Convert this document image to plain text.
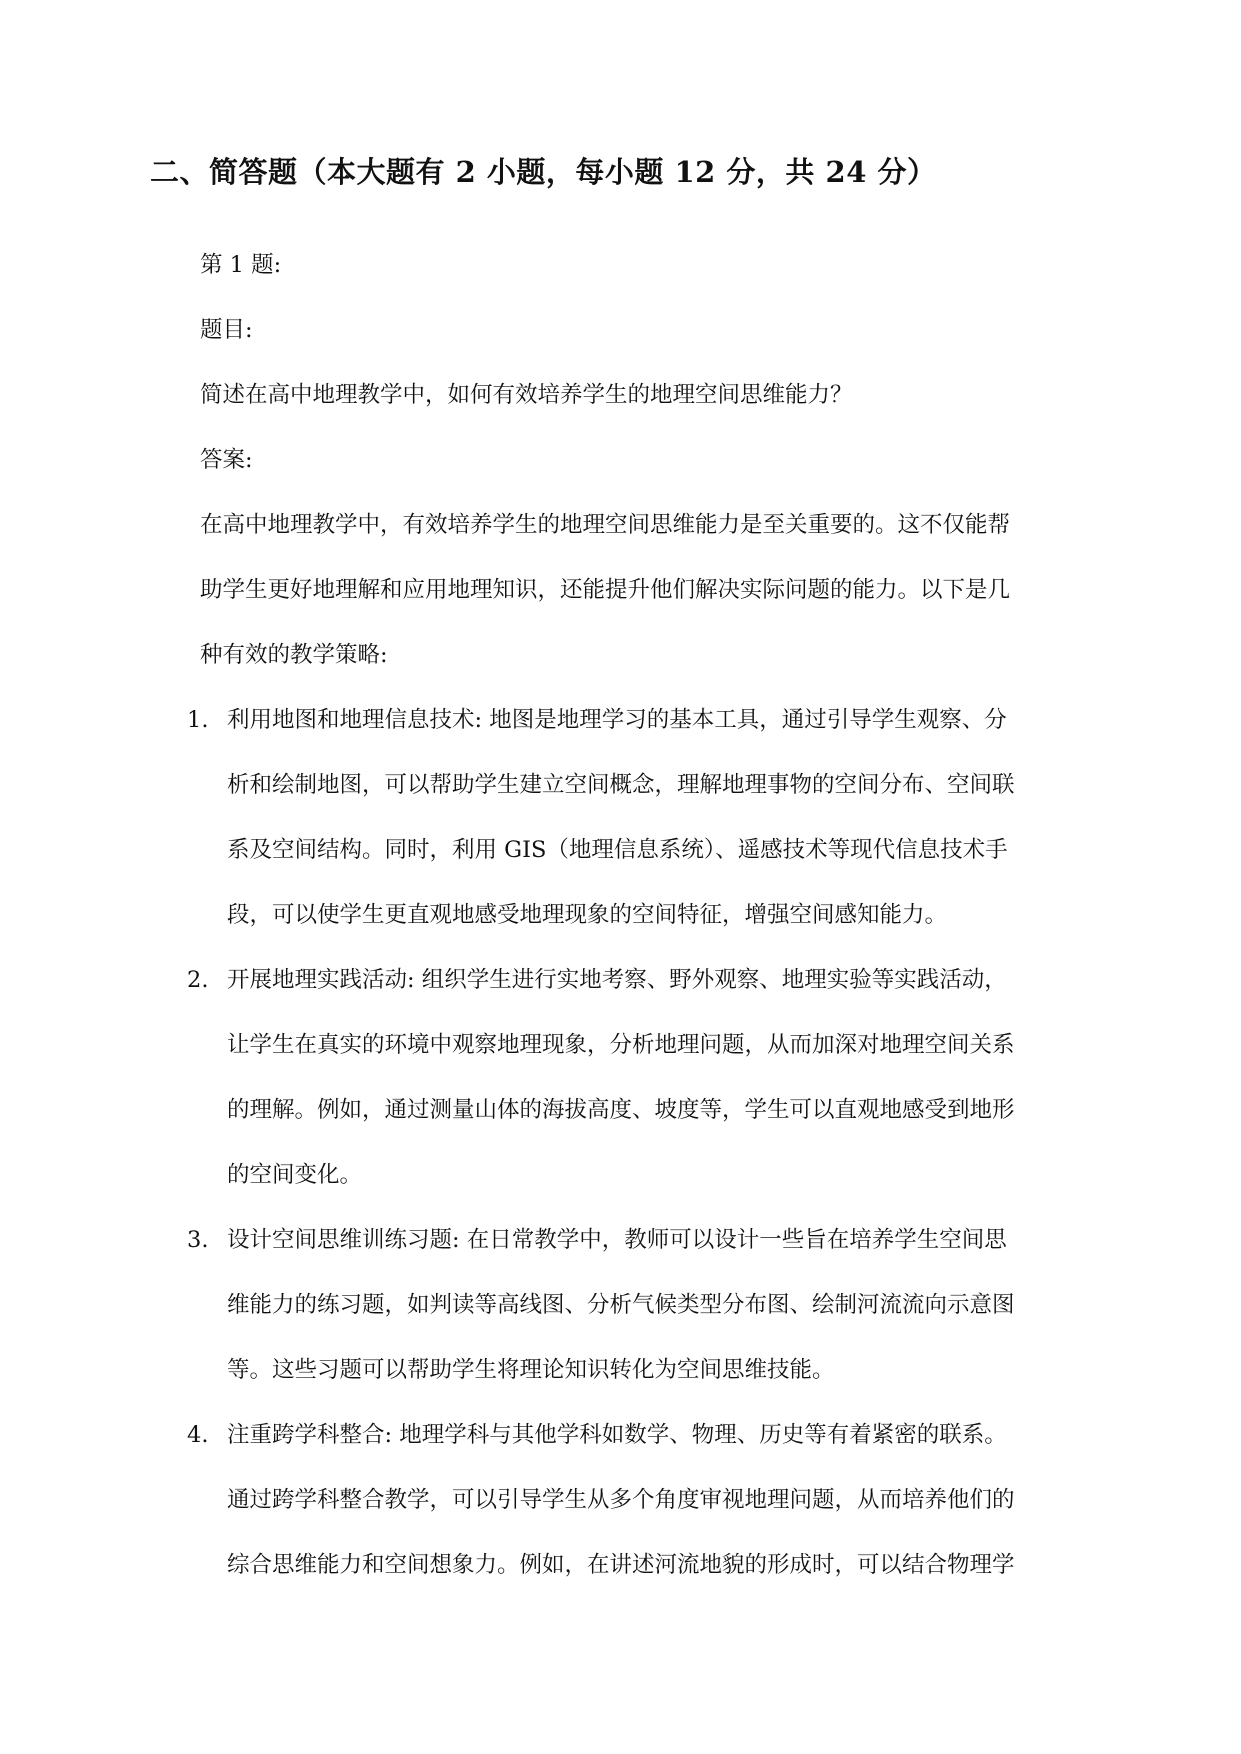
二、简答题（本大题有 2 小题，每小题 12 分，共 24 分）

第 1 题:

题目:

简述在高中地理教学中，如何有效培养学生的地理空间思维能力？

答案:

在高中地理教学中，有效培养学生的地理空间思维能力是至关重要的。这不仅能帮

助学生更好地理解和应用地理知识，还能提升他们解决实际问题的能力。以下是几

种有效的教学策略:

1. 利用地图和地理信息技术: 地图是地理学习的基本工具，通过引导学生观察、分

析和绘制地图，可以帮助学生建立空间概念，理解地理事物的空间分布、空间联

系及空间结构。同时，利用 GIS（地理信息系统）、遥感技术等现代信息技术手

段，可以使学生更直观地感受地理现象的空间特征，增强空间感知能力。

2. 开展地理实践活动: 组织学生进行实地考察、野外观察、地理实验等实践活动，

让学生在真实的环境中观察地理现象，分析地理问题，从而加深对地理空间关系

的理解。例如，通过测量山体的海拔高度、坡度等，学生可以直观地感受到地形

的空间变化。

3. 设计空间思维训练习题: 在日常教学中，教师可以设计一些旨在培养学生空间思

维能力的练习题，如判读等高线图、分析气候类型分布图、绘制河流流向示意图

等。这些习题可以帮助学生将理论知识转化为空间思维技能。

4. 注重跨学科整合: 地理学科与其他学科如数学、物理、历史等有着紧密的联系。

通过跨学科整合教学，可以引导学生从多个角度审视地理问题，从而培养他们的

综合思维能力和空间想象力。例如，在讲述河流地貌的形成时，可以结合物理学
